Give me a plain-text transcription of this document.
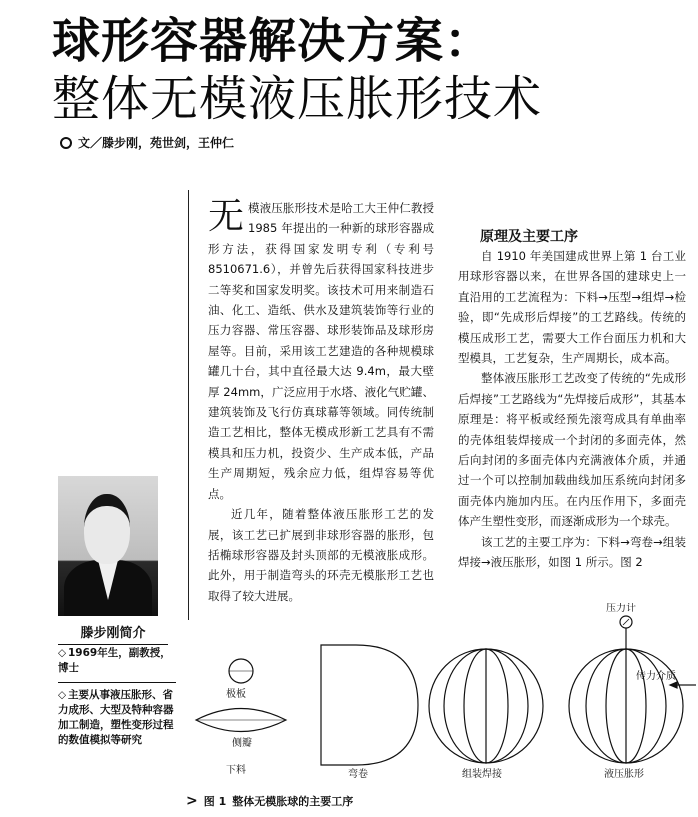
球形容器解决方案：
整体无模液压胀形技术
文／滕步刚，苑世剑，王仲仁

无模液压胀形技术是哈工大王仲仁教授 1985 年提出的一种新的球形容器成形方法，获得国家发明专利（专利号 8510671.6），并曾先后获得国家科技进步二等奖和国家发明奖。该技术可用来制造石油、化工、造纸、供水及建筑装饰等行业的压力容器、常压容器、球形装饰品及球形房屋等。目前，采用该工艺建造的各种规模球罐几十台，其中直径最大达 9.4m，最大壁厚 24mm，广泛应用于水塔、液化气贮罐、建筑装饰及飞行仿真球幕等领域。同传统制造工艺相比，整体无模成形新工艺具有不需模具和压力机，投资少、生产成本低，产品生产周期短，残余应力低，组焊容易等优点。

近几年，随着整体液压胀形工艺的发展，该工艺已扩展到非球形容器的胀形，包括椭球形容器及封头顶部的无模液胀成形。此外，用于制造弯头的环壳无模胀形工艺也取得了较大进展。

原理及主要工序

自 1910 年美国建成世界上第 1 台工业用球形容器以来，在世界各国的建球史上一直沿用的工艺流程为：下料→压型→组焊→检验，即“先成形后焊接”的工艺路线。传统的模压成形工艺，需要大工作台面压力机和大型模具，工艺复杂，生产周期长，成本高。

整体液压胀形工艺改变了传统的“先成形后焊接”工艺路线为“先焊接后成形”，其基本原理是：将平板或经预先滚弯成具有单曲率的壳体组装焊接成一个封闭的多面壳体，然后向封闭的多面壳体内充满液体介质，并通过一个可以控制加载曲线加压系统向封闭多面壳体内施加内压。在内压作用下，多面壳体产生塑性变形，而逐渐成形为一个球壳。

该工艺的主要工序为：下料→弯卷→组装焊接→液压胀形，如图 1 所示。图 2

滕步刚简介
◇ 1969年生，副教授，博士
◇ 主要从事液压胀形、省力成形、大型及特种容器加工制造，塑性变形过程的数值模拟等研究
极板
侧瓣
下料	弯卷	组装焊接	液压胀形
压力计
传力介质
> 图 1 整体无模胀球的主要工序
